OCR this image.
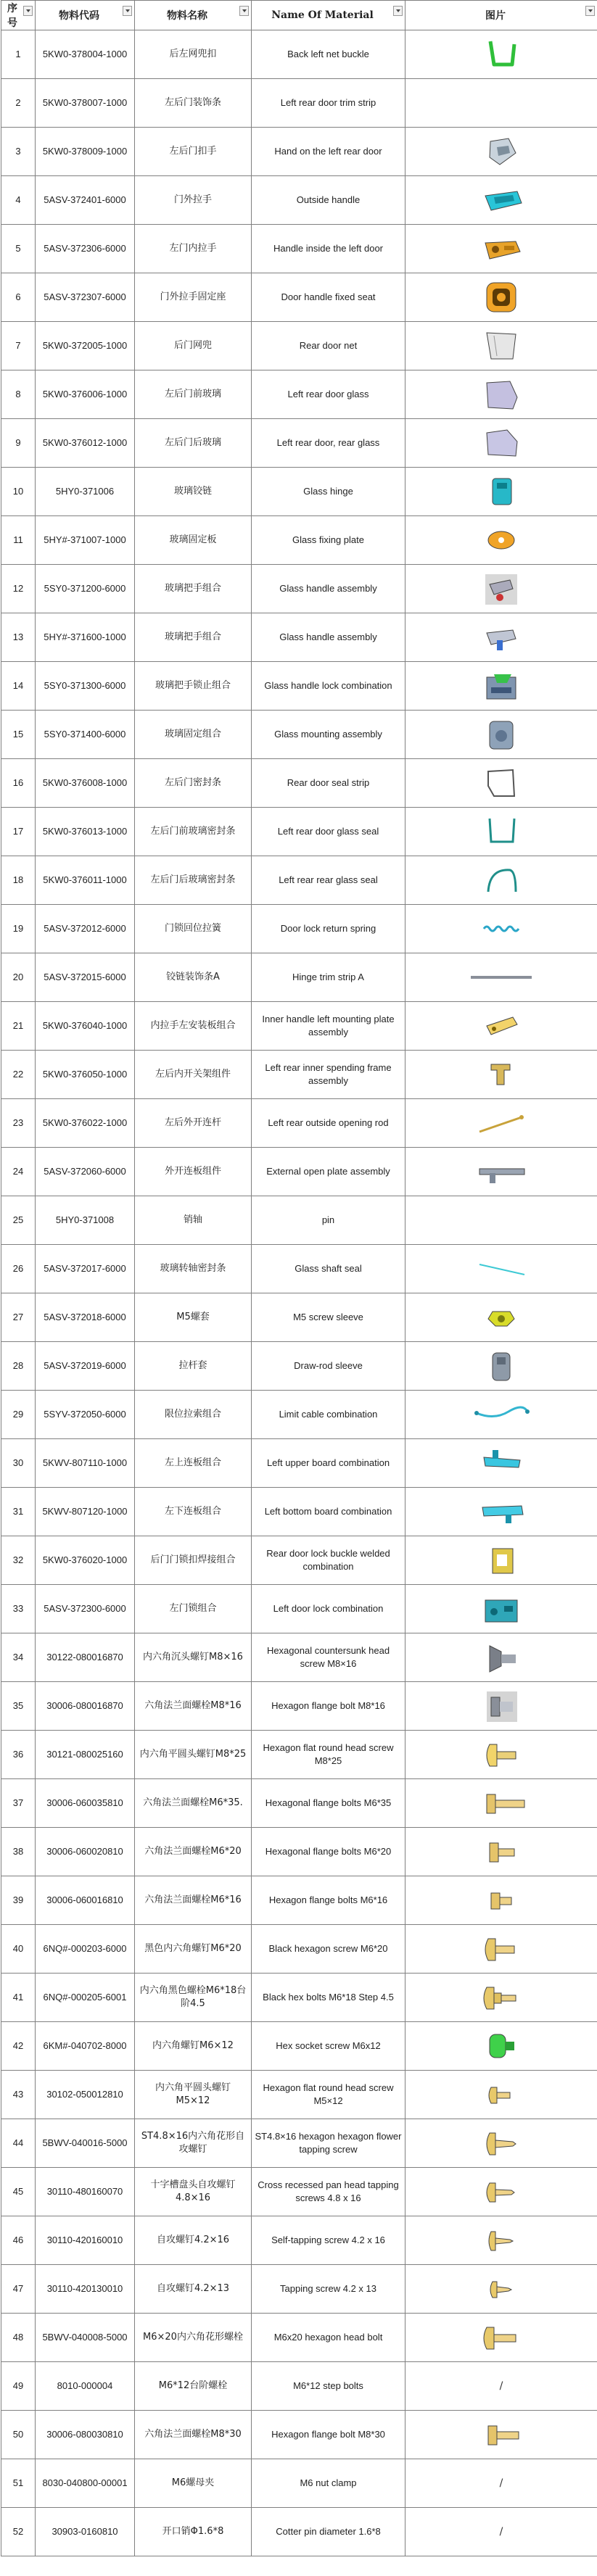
序号	物料代码	物料名称	Name Of Material	图片

1	5KW0-378004-1000	后左网兜扣	Back left net buckle	

2	5KW0-378007-1000	左后门装饰条	Left rear door trim strip	
3	5KW0-378009-1000	左后门扣手	Hand on the left rear door	

4	5ASV-372401-6000	门外拉手	Outside handle	

5	5ASV-372306-6000	左门内拉手	Handle inside the left door	

6	5ASV-372307-6000	门外拉手固定座	Door handle fixed seat	

7	5KW0-372005-1000	后门网兜	Rear door net	

8	5KW0-376006-1000	左后门前玻璃	Left rear door glass	

9	5KW0-376012-1000	左后门后玻璃	Left rear door, rear glass	

10	5HY0-371006	玻璃铰链	Glass hinge	

11	5HY#-371007-1000	玻璃固定板	Glass fixing plate	

12	5SY0-371200-6000	玻璃把手组合	Glass handle assembly	

13	5HY#-371600-1000	玻璃把手组合	Glass handle assembly	

14	5SY0-371300-6000	玻璃把手锁止组合	Glass handle lock combination	

15	5SY0-371400-6000	玻璃固定组合	Glass mounting assembly	

16	5KW0-376008-1000	左后门密封条	Rear door seal strip	

17	5KW0-376013-1000	左后门前玻璃密封条	Left rear door glass seal	

18	5KW0-376011-1000	左后门后玻璃密封条	Left rear rear glass seal	

19	5ASV-372012-6000	门锁回位拉簧	Door lock return spring	

20	5ASV-372015-6000	铰链装饰条A	Hinge trim strip A	

21	5KW0-376040-1000	内拉手左安装板组合	Inner handle left mounting plate assembly	

22	5KW0-376050-1000	左后内开关架组件	Left rear inner spending frame assembly	

23	5KW0-376022-1000	左后外开连杆	Left rear outside opening rod	

24	5ASV-372060-6000	外开连板组件	External open plate assembly	

25	5HY0-371008	销轴	pin	
26	5ASV-372017-6000	玻璃转轴密封条	Glass shaft seal	

27	5ASV-372018-6000	M5螺套	M5 screw sleeve	

28	5ASV-372019-6000	拉杆套	Draw-rod sleeve	

29	5SYV-372050-6000	限位拉索组合	Limit cable combination	

30	5KWV-807110-1000	左上连板组合	Left upper board combination	

31	5KWV-807120-1000	左下连板组合	Left bottom board combination	

32	5KW0-376020-1000	后门门锁扣焊接组合	Rear door lock buckle welded combination	

33	5ASV-372300-6000	左门锁组合	Left door lock combination	

34	30122-080016870	内六角沉头螺钉M8×16	Hexagonal countersunk head screw M8×16	

35	30006-080016870	六角法兰面螺栓M8*16	Hexagon flange bolt M8*16	

36	30121-080025160	内六角平圆头螺钉M8*25	Hexagon flat round head screw M8*25	

37	30006-060035810	六角法兰面螺栓M6*35.	Hexagonal flange bolts M6*35	

38	30006-060020810	六角法兰面螺栓M6*20	Hexagonal flange bolts M6*20	

39	30006-060016810	六角法兰面螺栓M6*16	Hexagon flange bolts M6*16	

40	6NQ#-000203-6000	黑色内六角螺钉M6*20	Black hexagon screw M6*20	

41	6NQ#-000205-6001	内六角黑色螺栓M6*18台阶4.5	Black hex bolts M6*18 Step 4.5	

42	6KM#-040702-8000	内六角螺钉M6×12	Hex socket screw M6x12	

43	30102-050012810	内六角平圆头螺钉 M5×12	Hexagon flat round head screw M5×12	

44	5BWV-040016-5000	ST4.8×16内六角花形自攻螺钉	ST4.8×16 hexagon hexagon flower tapping screw	

45	30110-480160070	十字槽盘头自攻螺钉4.8×16	Cross recessed pan head tapping screws 4.8 x 16	

46	30110-420160010	自攻螺钉4.2×16	Self-tapping screw 4.2 x 16	

47	30110-420130010	自攻螺钉4.2×13	Tapping screw 4.2 x 13	

48	5BWV-040008-5000	M6×20内六角花形螺栓	M6x20 hexagon head bolt	

49	8010-000004	M6*12台阶螺栓	M6*12 step bolts	/
50	30006-080030810	六角法兰面螺栓M8*30	Hexagon flange bolt M8*30	

51	8030-040800-00001	M6螺母夹	M6 nut clamp	/
52	30903-0160810	开口销Φ1.6*8	Cotter pin diameter 1.6*8	/
